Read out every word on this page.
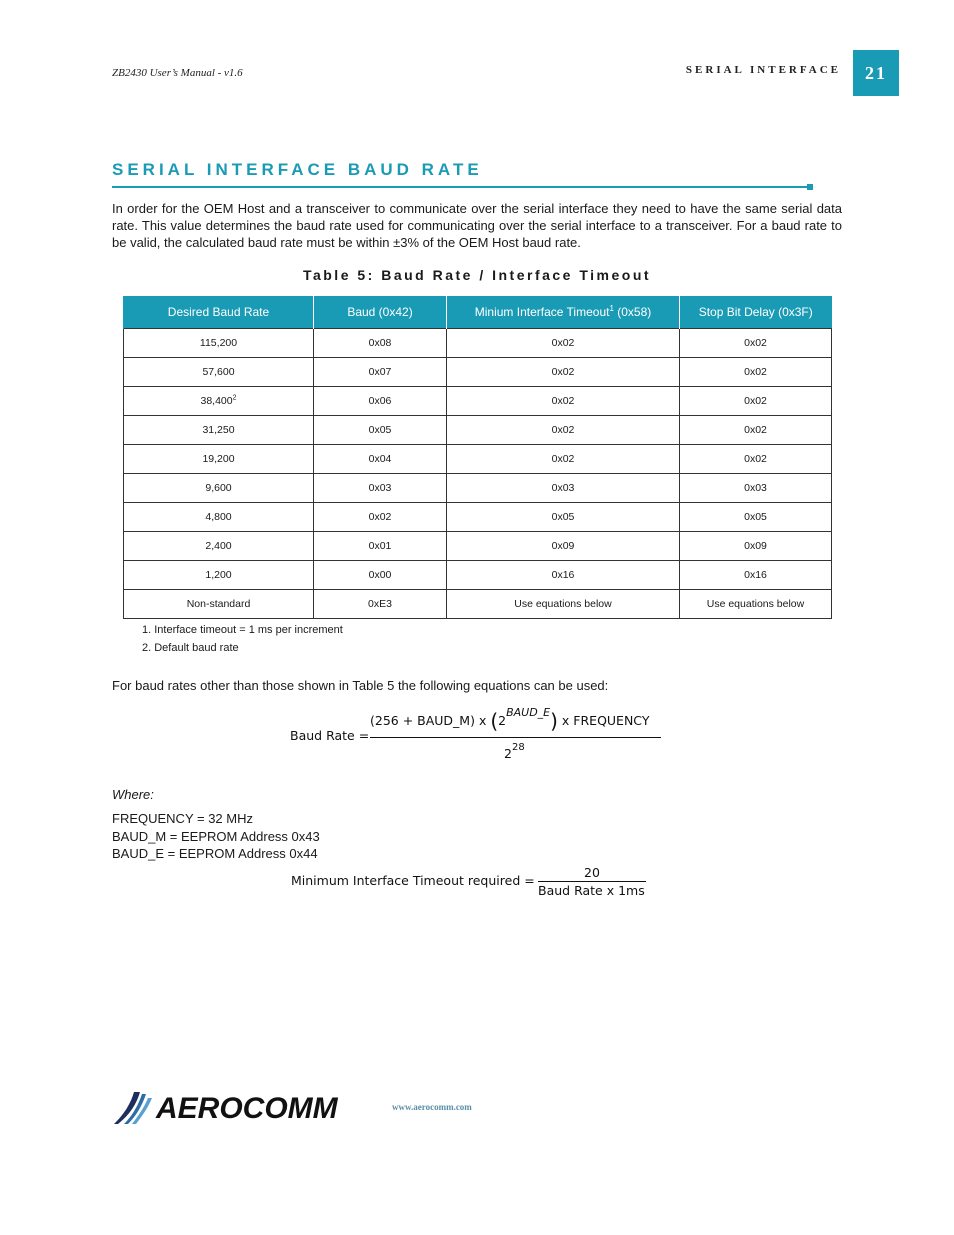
ZB2430 User’s Manual - v1.6	SERIAL INTERFACE	21
SERIAL INTERFACE BAUD RATE

In order for the OEM Host and a transceiver to communicate over the serial interface they need to have the same serial data rate. This value determines the baud rate used for communicating over the serial interface to a transceiver. For a baud rate to be valid, the calculated baud rate must be within ±3% of the OEM Host baud rate.

Table 5: Baud Rate / Interface Timeout
Desired Baud Rate	Baud (0x42)	Minium Interface Timeout$^1$ (0x58)	Stop Bit Delay (0x3F)
115,200	0x08	0x02	0x02
57,600	0x07	0x02	0x02
38,400$^2$	0x06	0x02	0x02
31,250	0x05	0x02	0x02
19,200	0x04	0x02	0x02
9,600	0x03	0x03	0x03
4,800	0x02	0x05	0x05
2,400	0x01	0x09	0x09
1,200	0x00	0x16	0x16
Non-standard	0xE3	Use equations below	Use equations below
1. Interface timeout = 1 ms per increment
2. Default baud rate
For baud rates other than those shown in Table 5 the following equations can be used:
Baud Rate =
(256 + BAUD_M) x (2BAUD_E) x FREQUENCY
$2^{28}$
Where:
FREQUENCY = 32 MHz
BAUD_M = EEPROM Address 0x43
BAUD_E = EEPROM Address 0x44
Minimum Interface Timeout required =
20
Baud Rate x 1ms
AEROCOMM	www.aerocomm.com
